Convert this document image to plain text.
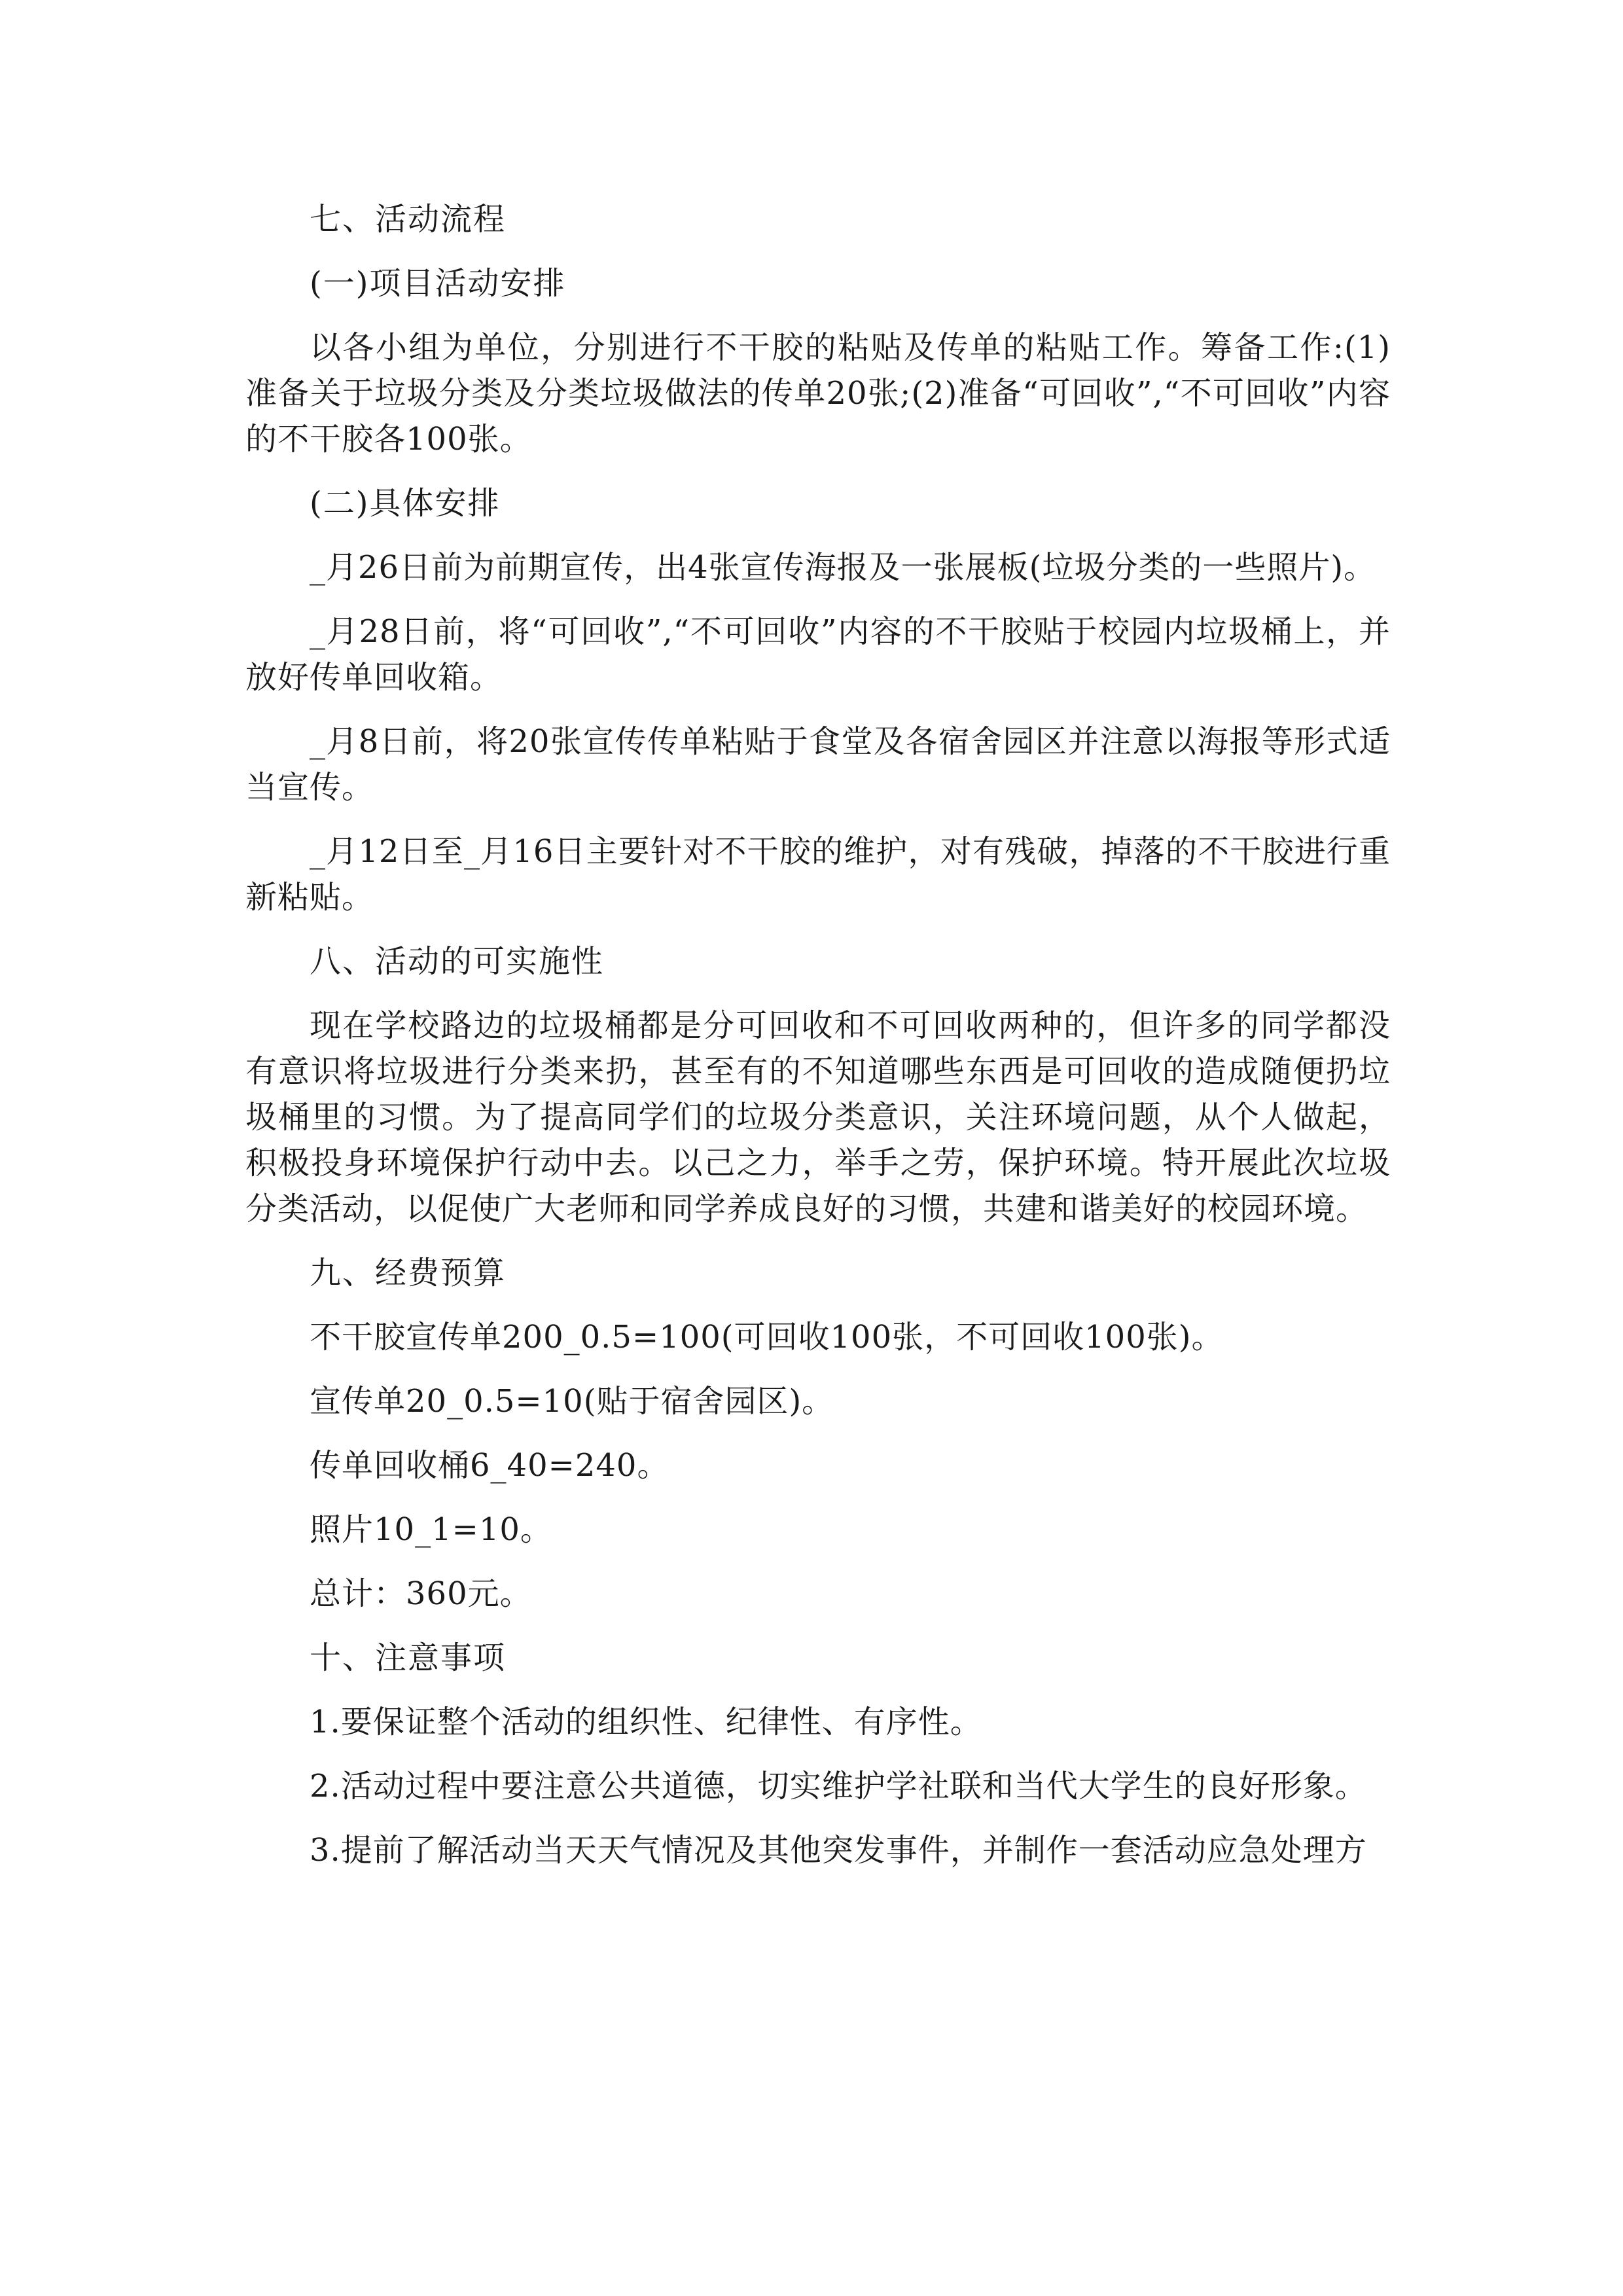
七、活动流程

(一)项目活动安排

以各小组为单位，分别进行不干胶的粘贴及传单的粘贴工作。筹备工作:(1)准备关于垃圾分类及分类垃圾做法的传单20张;(2)准备“可回收”,“不可回收”内容的不干胶各100张。

(二)具体安排

_月26日前为前期宣传，出4张宣传海报及一张展板(垃圾分类的一些照片)。

_月28日前，将“可回收”,“不可回收”内容的不干胶贴于校园内垃圾桶上，并放好传单回收箱。

_月8日前，将20张宣传传单粘贴于食堂及各宿舍园区并注意以海报等形式适当宣传。

_月12日至_月16日主要针对不干胶的维护，对有残破，掉落的不干胶进行重新粘贴。

八、活动的可实施性

现在学校路边的垃圾桶都是分可回收和不可回收两种的，但许多的同学都没有意识将垃圾进行分类来扔，甚至有的不知道哪些东西是可回收的造成随便扔垃圾桶里的习惯。为了提高同学们的垃圾分类意识，关注环境问题，从个人做起，积极投身环境保护行动中去。以己之力，举手之劳，保护环境。特开展此次垃圾分类活动，以促使广大老师和同学养成良好的习惯，共建和谐美好的校园环境。

九、经费预算

不干胶宣传单200_0.5=100(可回收100张，不可回收100张)。

宣传单20_0.5=10(贴于宿舍园区)。

传单回收桶6_40=240。

照片10_1=10。

总计：360元。

十、注意事项

1.要保证整个活动的组织性、纪律性、有序性。

2.活动过程中要注意公共道德，切实维护学社联和当代大学生的良好形象。

3.提前了解活动当天天气情况及其他突发事件，并制作一套活动应急处理方
